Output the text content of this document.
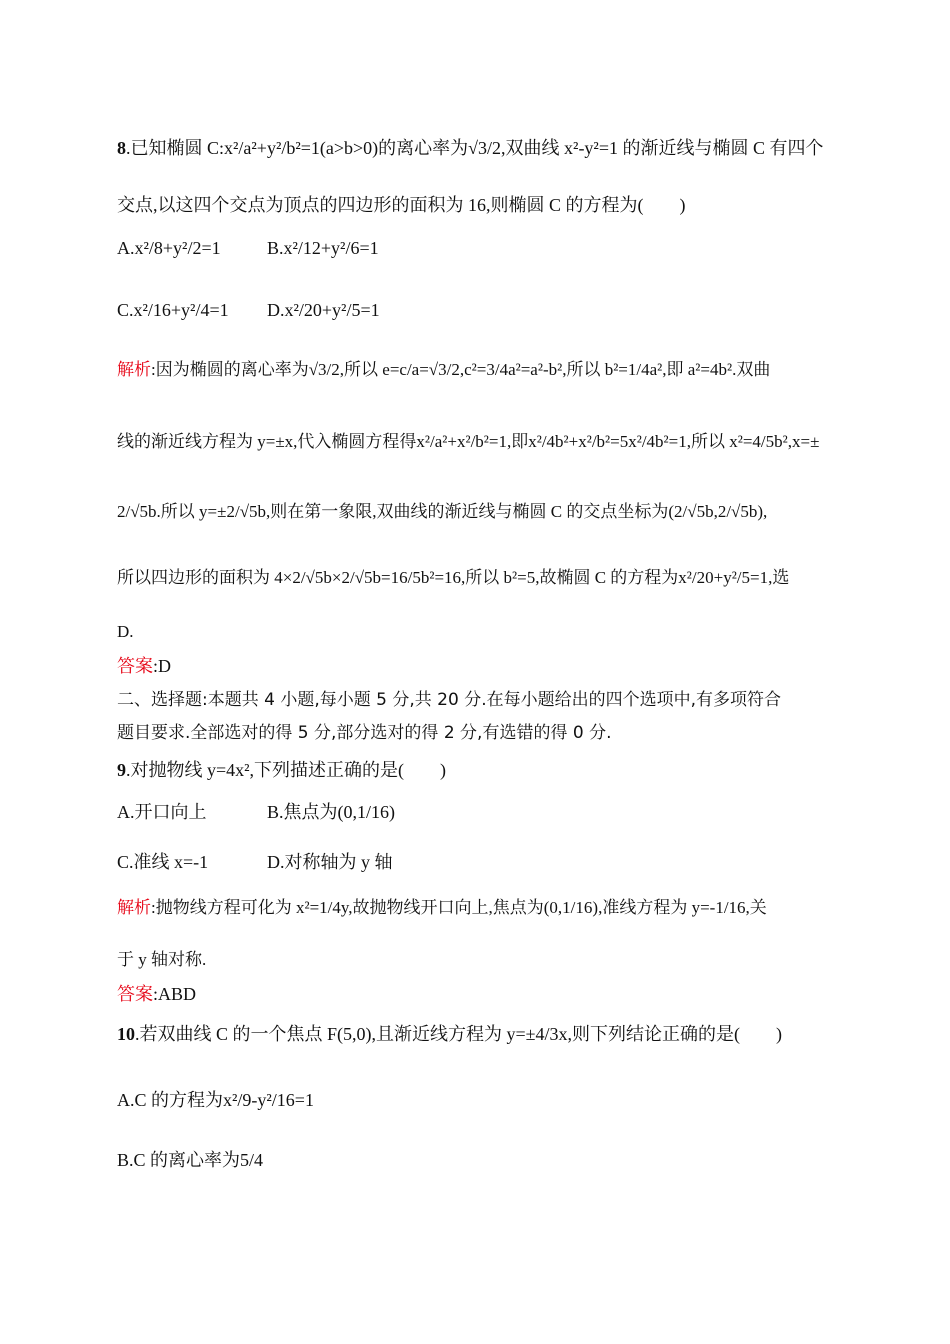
8.已知椭圆 C:x²/a²+y²/b²=1(a>b>0)的离心率为√3/2,双曲线 x²-y²=1 的渐近线与椭圆 C 有四个
交点,以这四个交点为顶点的四边形的面积为 16,则椭圆 C 的方程为(　　)
A.x²/8+y²/2=1	B.x²/12+y²/6=1
C.x²/16+y²/4=1 D.x²/20+y²/5=1
解析:因为椭圆的离心率为√3/2,所以 e=c/a=√3/2,c²=3/4a²=a²-b²,所以 b²=1/4a²,即 a²=4b².双曲
线的渐近线方程为 y=±x,代入椭圆方程得x²/a²+x²/b²=1,即x²/4b²+x²/b²=5x²/4b²=1,所以 x²=4/5b²,x=±
2/√5b.所以 y=±2/√5b,则在第一象限,双曲线的渐近线与椭圆 C 的交点坐标为(2/√5b,2/√5b),
所以四边形的面积为 4×2/√5b×2/√5b=16/5b²=16,所以 b²=5,故椭圆 C 的方程为x²/20+y²/5=1,选
D.
答案:D
二、选择题:本题共 4 小题,每小题 5 分,共 20 分.在每小题给出的四个选项中,有多项符合
题目要求.全部选对的得 5 分,部分选对的得 2 分,有选错的得 0 分.
9.对抛物线 y=4x²,下列描述正确的是(　　)
A.开口向上	B.焦点为(0,1/16)
C.准线 x=-1	D.对称轴为 y 轴
解析:抛物线方程可化为 x²=1/4y,故抛物线开口向上,焦点为(0,1/16),准线方程为 y=-1/16,关
于 y 轴对称.
答案:ABD
10.若双曲线 C 的一个焦点 F(5,0),且渐近线方程为 y=±4/3x,则下列结论正确的是(　　)
A.C 的方程为x²/9-y²/16=1
B.C 的离心率为5/4
